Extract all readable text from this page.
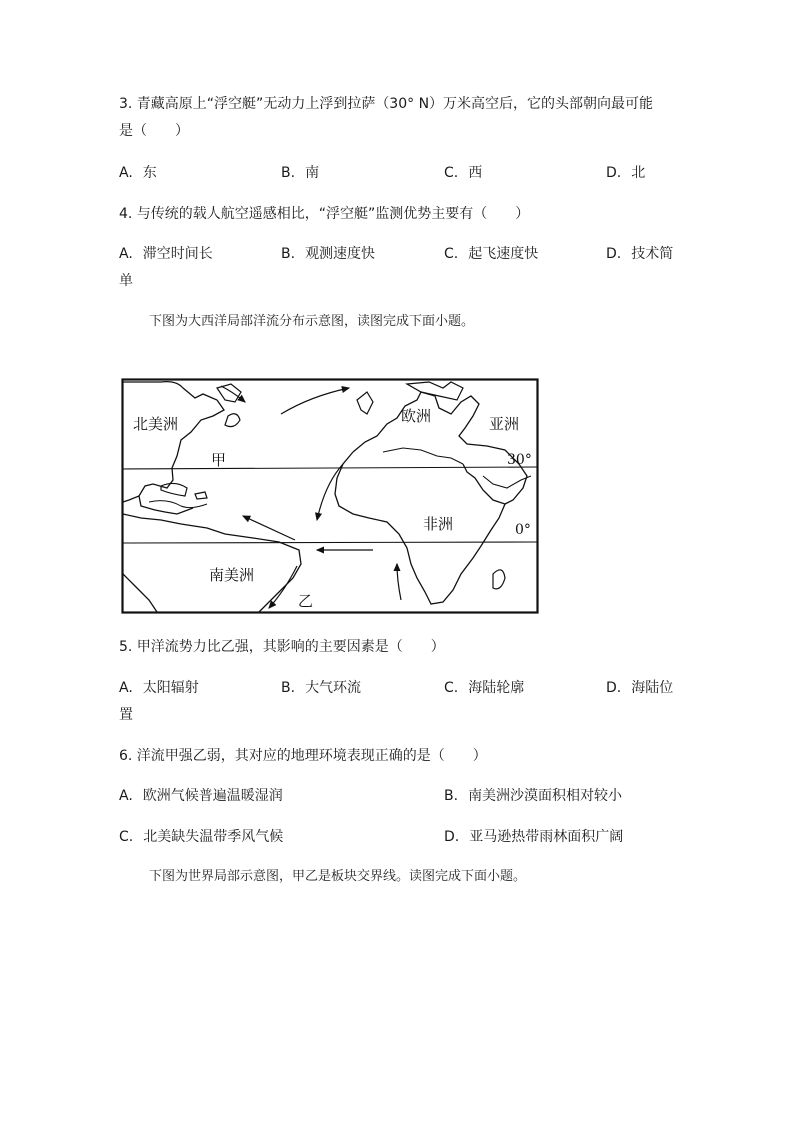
3. 青藏高原上“浮空艇”无动力上浮到拉萨（30° N）万米高空后，它的头部朝向最可能
是（　　）
A. 东	B. 南	C. 西	D. 北
4. 与传统的载人航空遥感相比，“浮空艇”监测优势主要有（　　）
A. 滞空时间长	B. 观测速度快	C. 起飞速度快	D. 技术简
单
下图为大西洋局部洋流分布示意图，读图完成下面小题。
北美洲	欧洲	亚洲
非洲
南美洲
甲
乙
30°
0°
5. 甲洋流势力比乙强，其影响的主要因素是（　　）
A. 太阳辐射	B. 大气环流	C. 海陆轮廓	D. 海陆位
置
6. 洋流甲强乙弱，其对应的地理环境表现正确的是（　　）
A. 欧洲气候普遍温暖湿润	B. 南美洲沙漠面积相对较小
C. 北美缺失温带季风气候	D. 亚马逊热带雨林面积广阔
下图为世界局部示意图，甲乙是板块交界线。读图完成下面小题。
